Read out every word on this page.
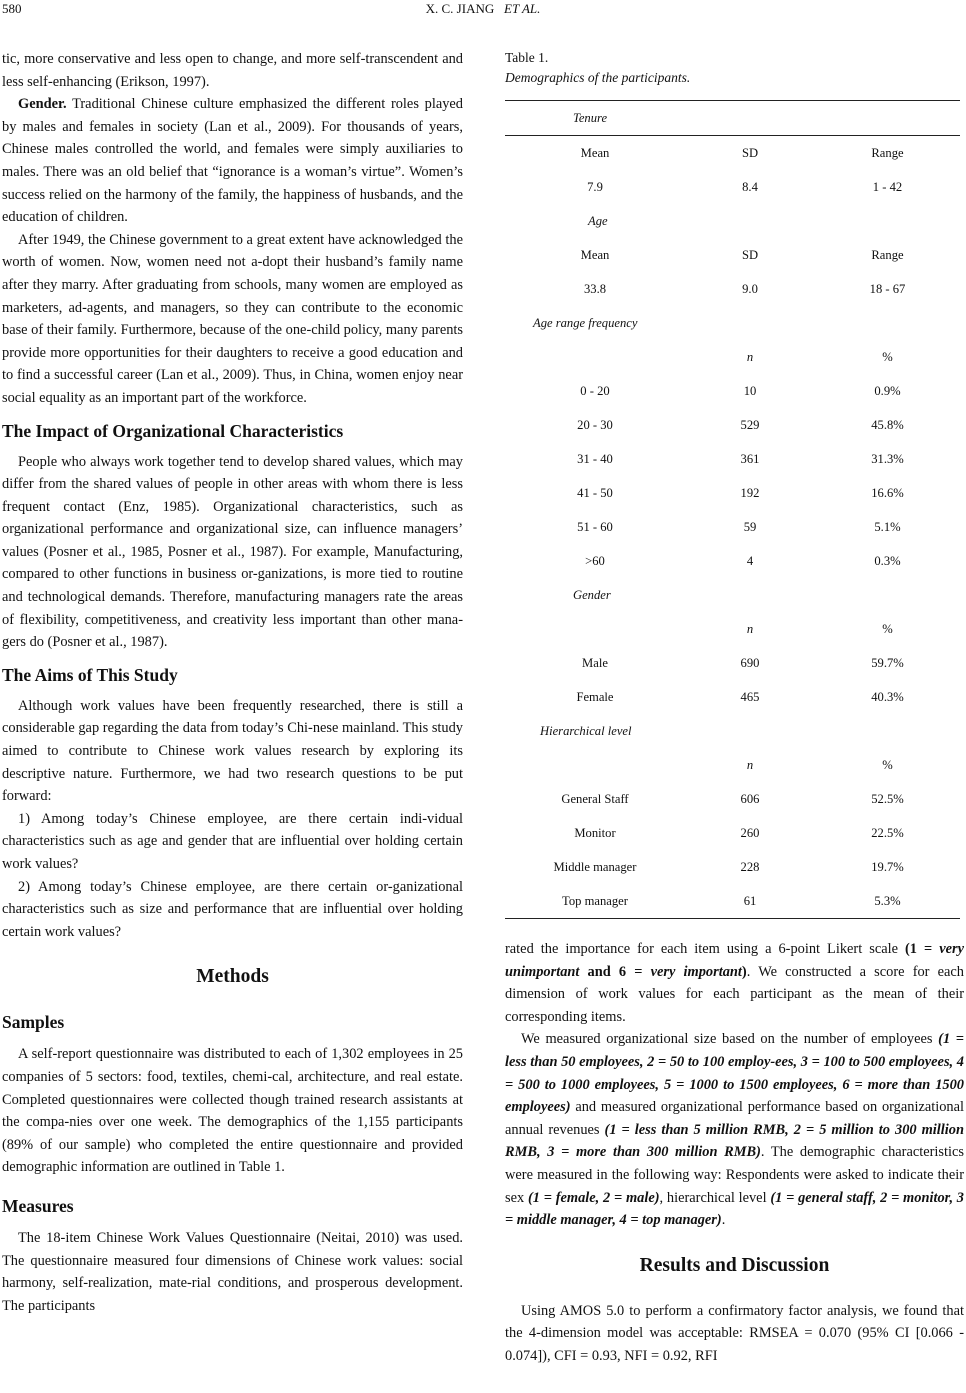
580	X. C. JIANG ET AL.

tic, more conservative and less open to change, and more self-transcendent and less self-enhancing (Erikson, 1997).

Gender. Traditional Chinese culture emphasized the different roles played by males and females in society (Lan et al., 2009). For thousands of years, Chinese males controlled the world, and females were simply auxiliaries to males. There was an old belief that “ignorance is a woman’s virtue”. Women’s success relied on the harmony of the family, the happiness of husbands, and the education of children.

After 1949, the Chinese government to a great extent have acknowledged the worth of women. Now, women need not a-dopt their husband’s family name after they marry. After graduating from schools, many women are employed as marketers, ad-agents, and managers, so they can contribute to the economic base of their family. Furthermore, because of the one-child policy, many parents provide more opportunities for their daughters to receive a good education and to find a successful career (Lan et al., 2009). Thus, in China, women enjoy near social equality as an important part of the workforce.

The Impact of Organizational Characteristics

People who always work together tend to develop shared values, which may differ from the shared values of people in other areas with whom there is less frequent contact (Enz, 1985). Organizational characteristics, such as organizational performance and organizational size, can influence managers’ values (Posner et al., 1985, Posner et al., 1987). For example, Manufacturing, compared to other functions in business or-ganizations, is more tied to routine and technological demands. Therefore, manufacturing managers rate the areas of flexibility, competitiveness, and creativity less important than other mana-gers do (Posner et al., 1987).

The Aims of This Study

Although work values have been frequently researched, there is still a considerable gap regarding the data from today’s Chi-nese mainland. This study aimed to contribute to Chinese work values research by exploring its descriptive nature. Furthermore, we had two research questions to be put forward:

1) Among today’s Chinese employee, are there certain indi-vidual characteristics such as age and gender that are influential over holding certain work values?

2) Among today’s Chinese employee, are there certain or-ganizational characteristics such as size and performance that are influential over holding certain work values?

Methods
Samples

A self-report questionnaire was distributed to each of 1,302 employees in 25 companies of 5 sectors: food, textiles, chemi-cal, architecture, and real estate. Completed questionnaires were collected though trained research assistants at the compa-nies over one week. The demographics of the 1,155 participants (89% of our sample) who completed the entire questionnaire and provided demographic information are outlined in Table 1.

Measures

The 18-item Chinese Work Values Questionnaire (Neitai, 2010) was used. The questionnaire measured four dimensions of Chinese work values: social harmony, self-realization, mate-rial conditions, and prosperous development. The participants

Table 1.
Demographics of the participants.
Tenure		
Mean	SD	Range
7.9	8.4	1 - 42
Age		
Mean	SD	Range
33.8	9.0	18 - 67
Age range frequency		
	n	%
0 - 20	10	0.9%
20 - 30	529	45.8%
31 - 40	361	31.3%
41 - 50	192	16.6%
51 - 60	59	5.1%
>60	4	0.3%
Gender		
	n	%
Male	690	59.7%
Female	465	40.3%
Hierarchical level		
	n	%
General Staff	606	52.5%
Monitor	260	22.5%
Middle manager	228	19.7%
Top manager	61	5.3%

rated the importance for each item using a 6-point Likert scale (1 = very unimportant and 6 = very important). We constructed a score for each dimension of work values for each participant as the mean of their corresponding items.

We measured organizational size based on the number of employees (1 = less than 50 employees, 2 = 50 to 100 employ-ees, 3 = 100 to 500 employees, 4 = 500 to 1000 employees, 5 = 1000 to 1500 employees, 6 = more than 1500 employees) and measured organizational performance based on organizational annual revenues (1 = less than 5 million RMB, 2 = 5 million to 300 million RMB, 3 = more than 300 million RMB). The demographic characteristics were measured in the following way: Respondents were asked to indicate their sex (1 = female, 2 = male), hierarchical level (1 = general staff, 2 = monitor, 3 = middle manager, 4 = top manager).

Results and Discussion

Using AMOS 5.0 to perform a confirmatory factor analysis, we found that the 4-dimension model was acceptable: RMSEA = 0.070 (95% CI [0.066 - 0.074]), CFI = 0.93, NFI = 0.92, RFI
